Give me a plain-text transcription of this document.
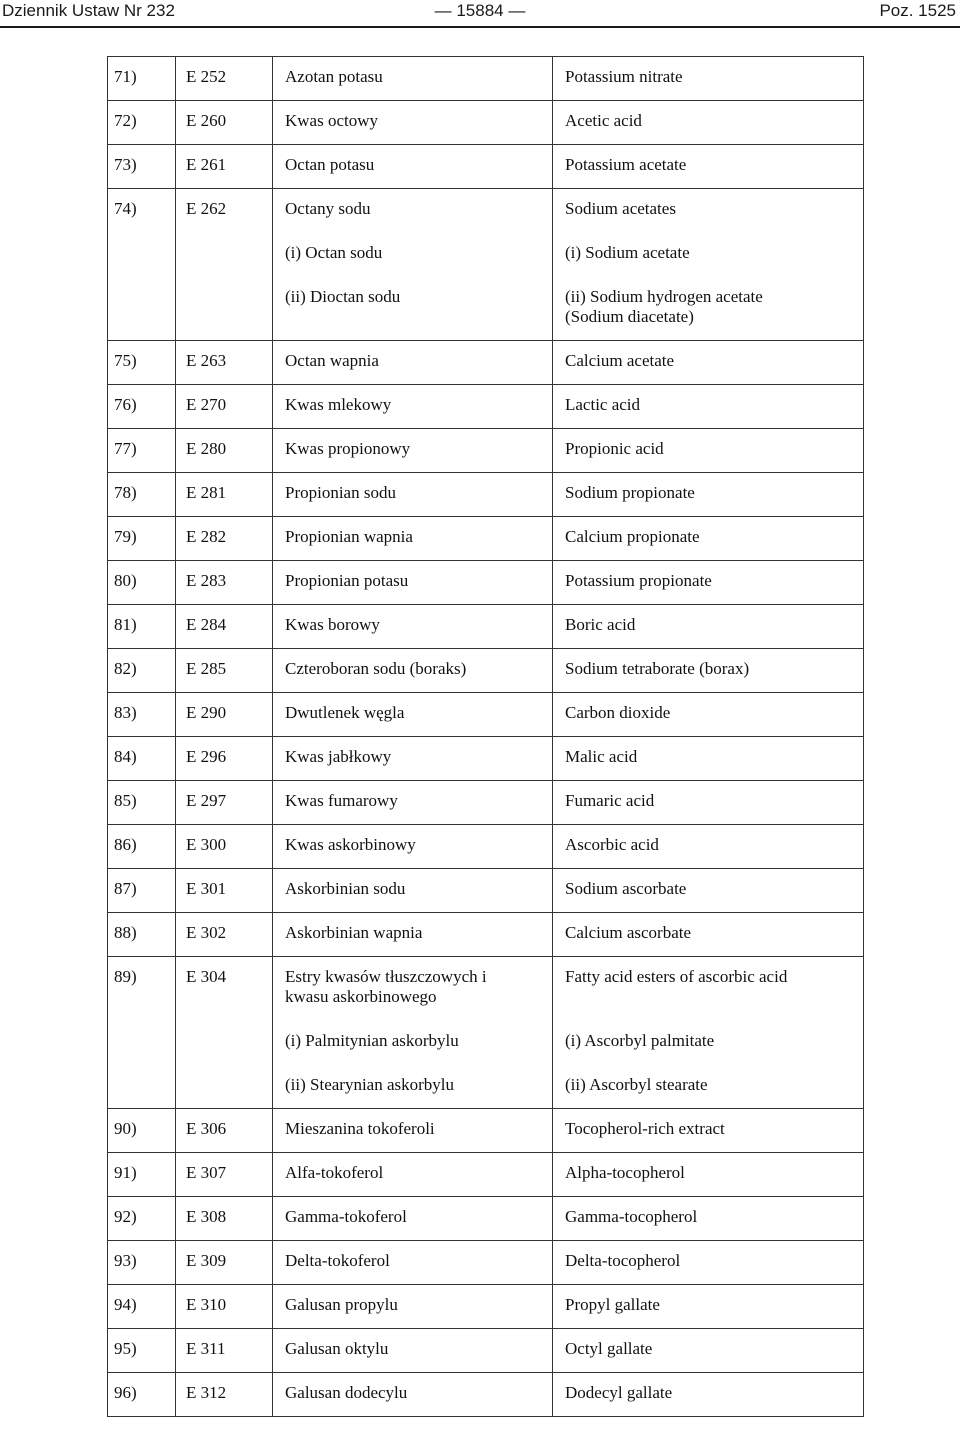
Dziennik Ustaw Nr 232	— 15884 —	Poz. 1525
71)	E 252	Azotan potasu	Potassium nitrate

72)	E 260	Kwas octowy	Acetic acid

73)	E 261	Octan potasu	Potassium acetate

74)	E 262	Octany sodu	Sodium acetates

		(i) Octan sodu	(i) Sodium acetate

		(ii) Dioctan sodu	(ii) Sodium hydrogen acetate
(Sodium diacetate)

75)	E 263	Octan wapnia	Calcium acetate

76)	E 270	Kwas mlekowy	Lactic acid

77)	E 280	Kwas propionowy	Propionic acid

78)	E 281	Propionian sodu	Sodium propionate

79)	E 282	Propionian wapnia	Calcium propionate

80)	E 283	Propionian potasu	Potassium propionate

81)	E 284	Kwas borowy	Boric acid

82)	E 285	Czteroboran sodu (boraks)	Sodium tetraborate (borax)

83)	E 290	Dwutlenek węgla	Carbon dioxide

84)	E 296	Kwas jabłkowy	Malic acid

85)	E 297	Kwas fumarowy	Fumaric acid

86)	E 300	Kwas askorbinowy	Ascorbic acid

87)	E 301	Askorbinian sodu	Sodium ascorbate

88)	E 302	Askorbinian wapnia	Calcium ascorbate

89)	E 304	Estry kwasów tłuszczowych i
kwasu askorbinowego	Fatty acid esters of ascorbic acid

		(i) Palmitynian askorbylu	(i) Ascorbyl palmitate

		(ii) Stearynian askorbylu	(ii) Ascorbyl stearate

90)	E 306	Mieszanina tokoferoli	Tocopherol-rich extract

91)	E 307	Alfa-tokoferol	Alpha-tocopherol

92)	E 308	Gamma-tokoferol	Gamma-tocopherol

93)	E 309	Delta-tokoferol	Delta-tocopherol

94)	E 310	Galusan propylu	Propyl gallate

95)	E 311	Galusan oktylu	Octyl gallate

96)	E 312	Galusan dodecylu	Dodecyl gallate
